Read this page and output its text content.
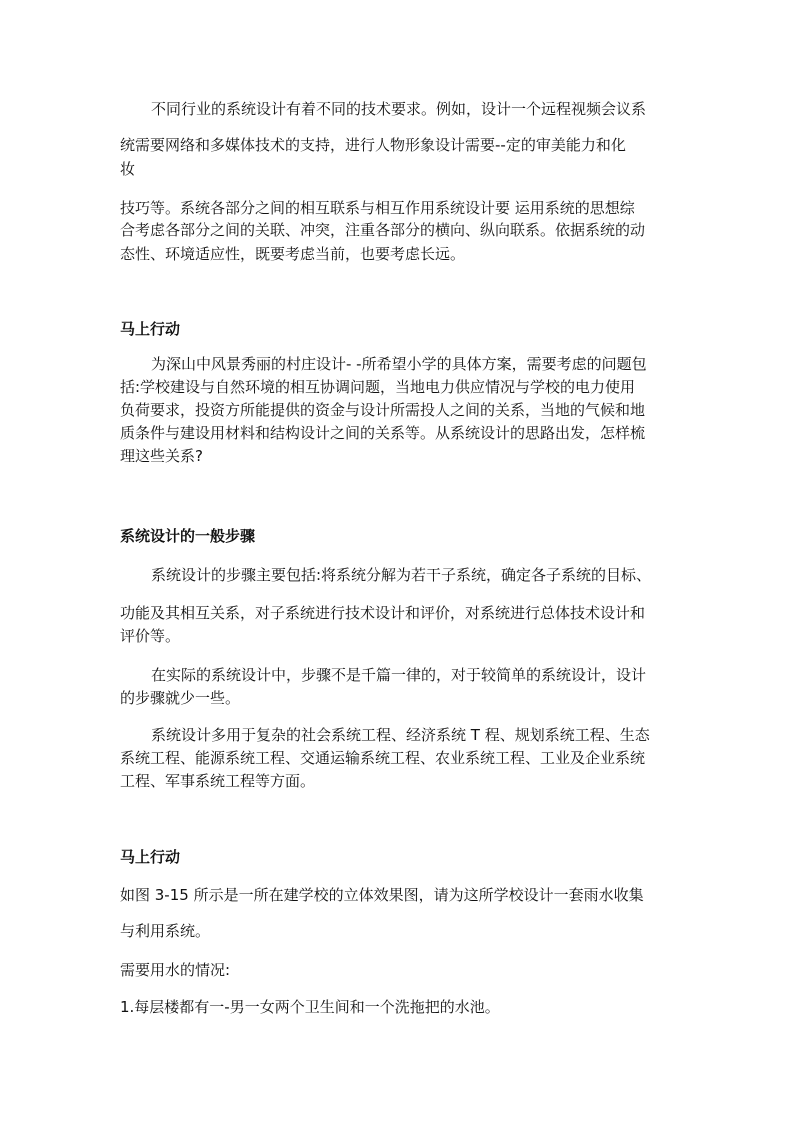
不同行业的系统设计有着不同的技术要求。例如，设计一个远程视频会议系
统需要网络和多媒体技术的支持，进行人物形象设计需要--定的审美能力和化
妆
技巧等。系统各部分之间的相互联系与相互作用系统设计要 运用系统的思想综
合考虑各部分之间的关联、冲突，注重各部分的横向、纵向联系。依据系统的动
态性、环境适应性，既要考虑当前，也要考虑长远。
马上行动
为深山中风景秀丽的村庄设计- -所希望小学的具体方案，需要考虑的问题包
括:学校建设与自然环境的相互协调问题，当地电力供应情况与学校的电力使用
负荷要求，投资方所能提供的资金与设计所需投人之间的关系，当地的气候和地
质条件与建设用材料和结构设计之间的关系等。从系统设计的思路出发，怎样梳
理这些关系?
系统设计的一般步骤
系统设计的步骤主要包括:将系统分解为若干子系统，确定各子系统的目标、
功能及其相互关系，对子系统进行技术设计和评价，对系统进行总体技术设计和
评价等。
在实际的系统设计中，步骤不是千篇一律的，对于较简单的系统设计，设计
的步骤就少一些。
系统设计多用于复杂的社会系统工程、经济系统 T 程、规划系统工程、生态
系统工程、能源系统工程、交通运输系统工程、农业系统工程、工业及企业系统
工程、军事系统工程等方面。
马上行动
如图 3-15 所示是一所在建学校的立体效果图，请为这所学校设计一套雨水收集
与利用系统。
需要用水的情况:
1.每层楼都有一-男一女两个卫生间和一个洗拖把的水池。
